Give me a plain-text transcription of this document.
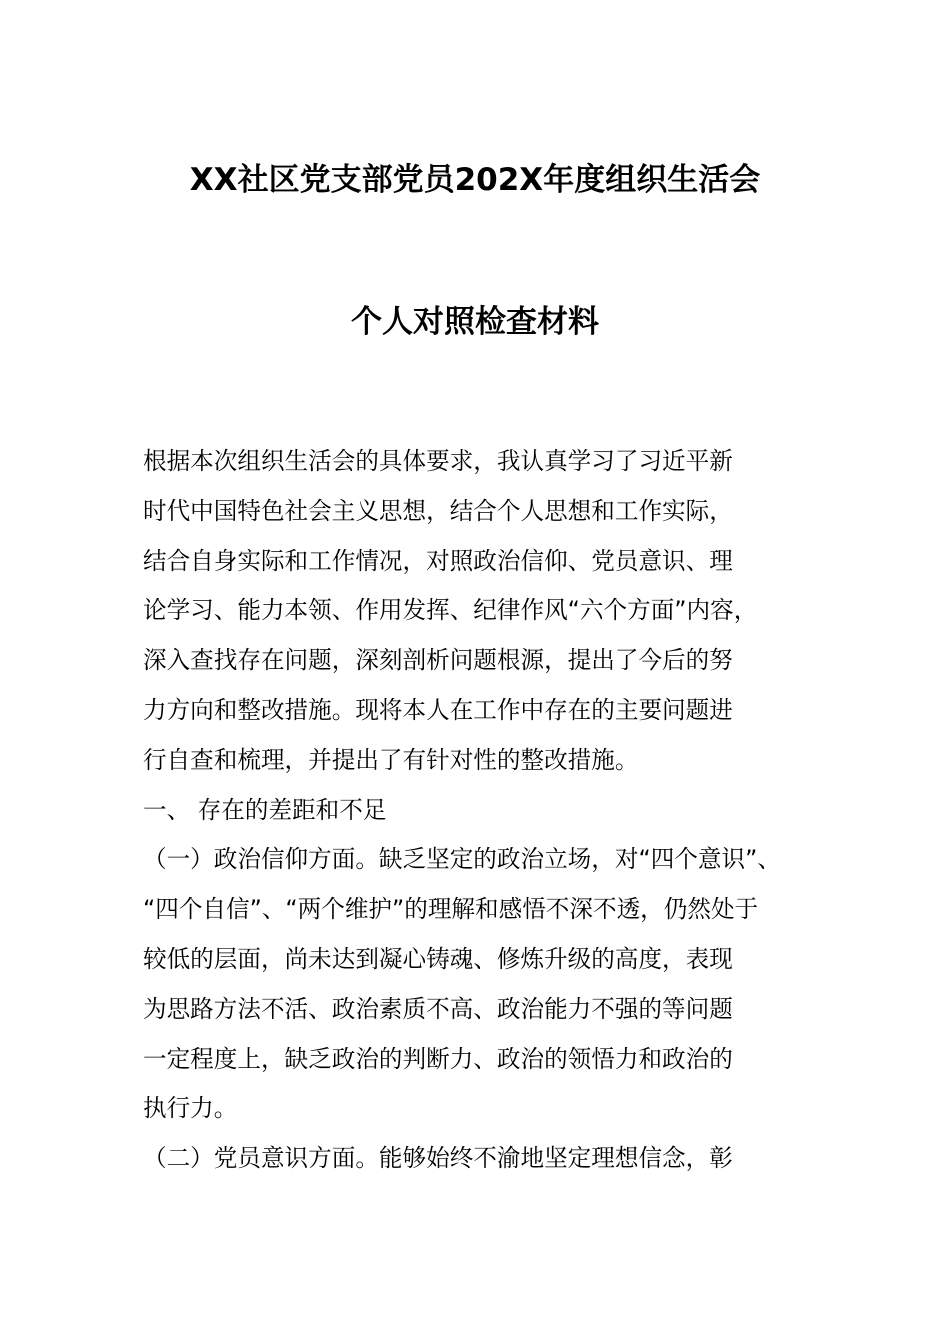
XX社区党支部党员202X年度组织生活会
个人对照检查材料
根据本次组织生活会的具体要求，我认真学习了习近平新
时代中国特色社会主义思想，结合个人思想和工作实际，
结合自身实际和工作情况，对照政治信仰、党员意识、理
论学习、能力本领、作用发挥、纪律作风“六个方面”内容，
深入查找存在问题，深刻剖析问题根源，提出了今后的努
力方向和整改措施。现将本人在工作中存在的主要问题进
行自查和梳理，并提出了有针对性的整改措施。
一、 存在的差距和不足
（一）政治信仰方面。缺乏坚定的政治立场，对“四个意识”、
“四个自信”、“两个维护”的理解和感悟不深不透，仍然处于
较低的层面，尚未达到凝心铸魂、修炼升级的高度，表现
为思路方法不活、政治素质不高、政治能力不强的等问题
一定程度上，缺乏政治的判断力、政治的领悟力和政治的
执行力。
（二）党员意识方面。能够始终不渝地坚定理想信念，彰
